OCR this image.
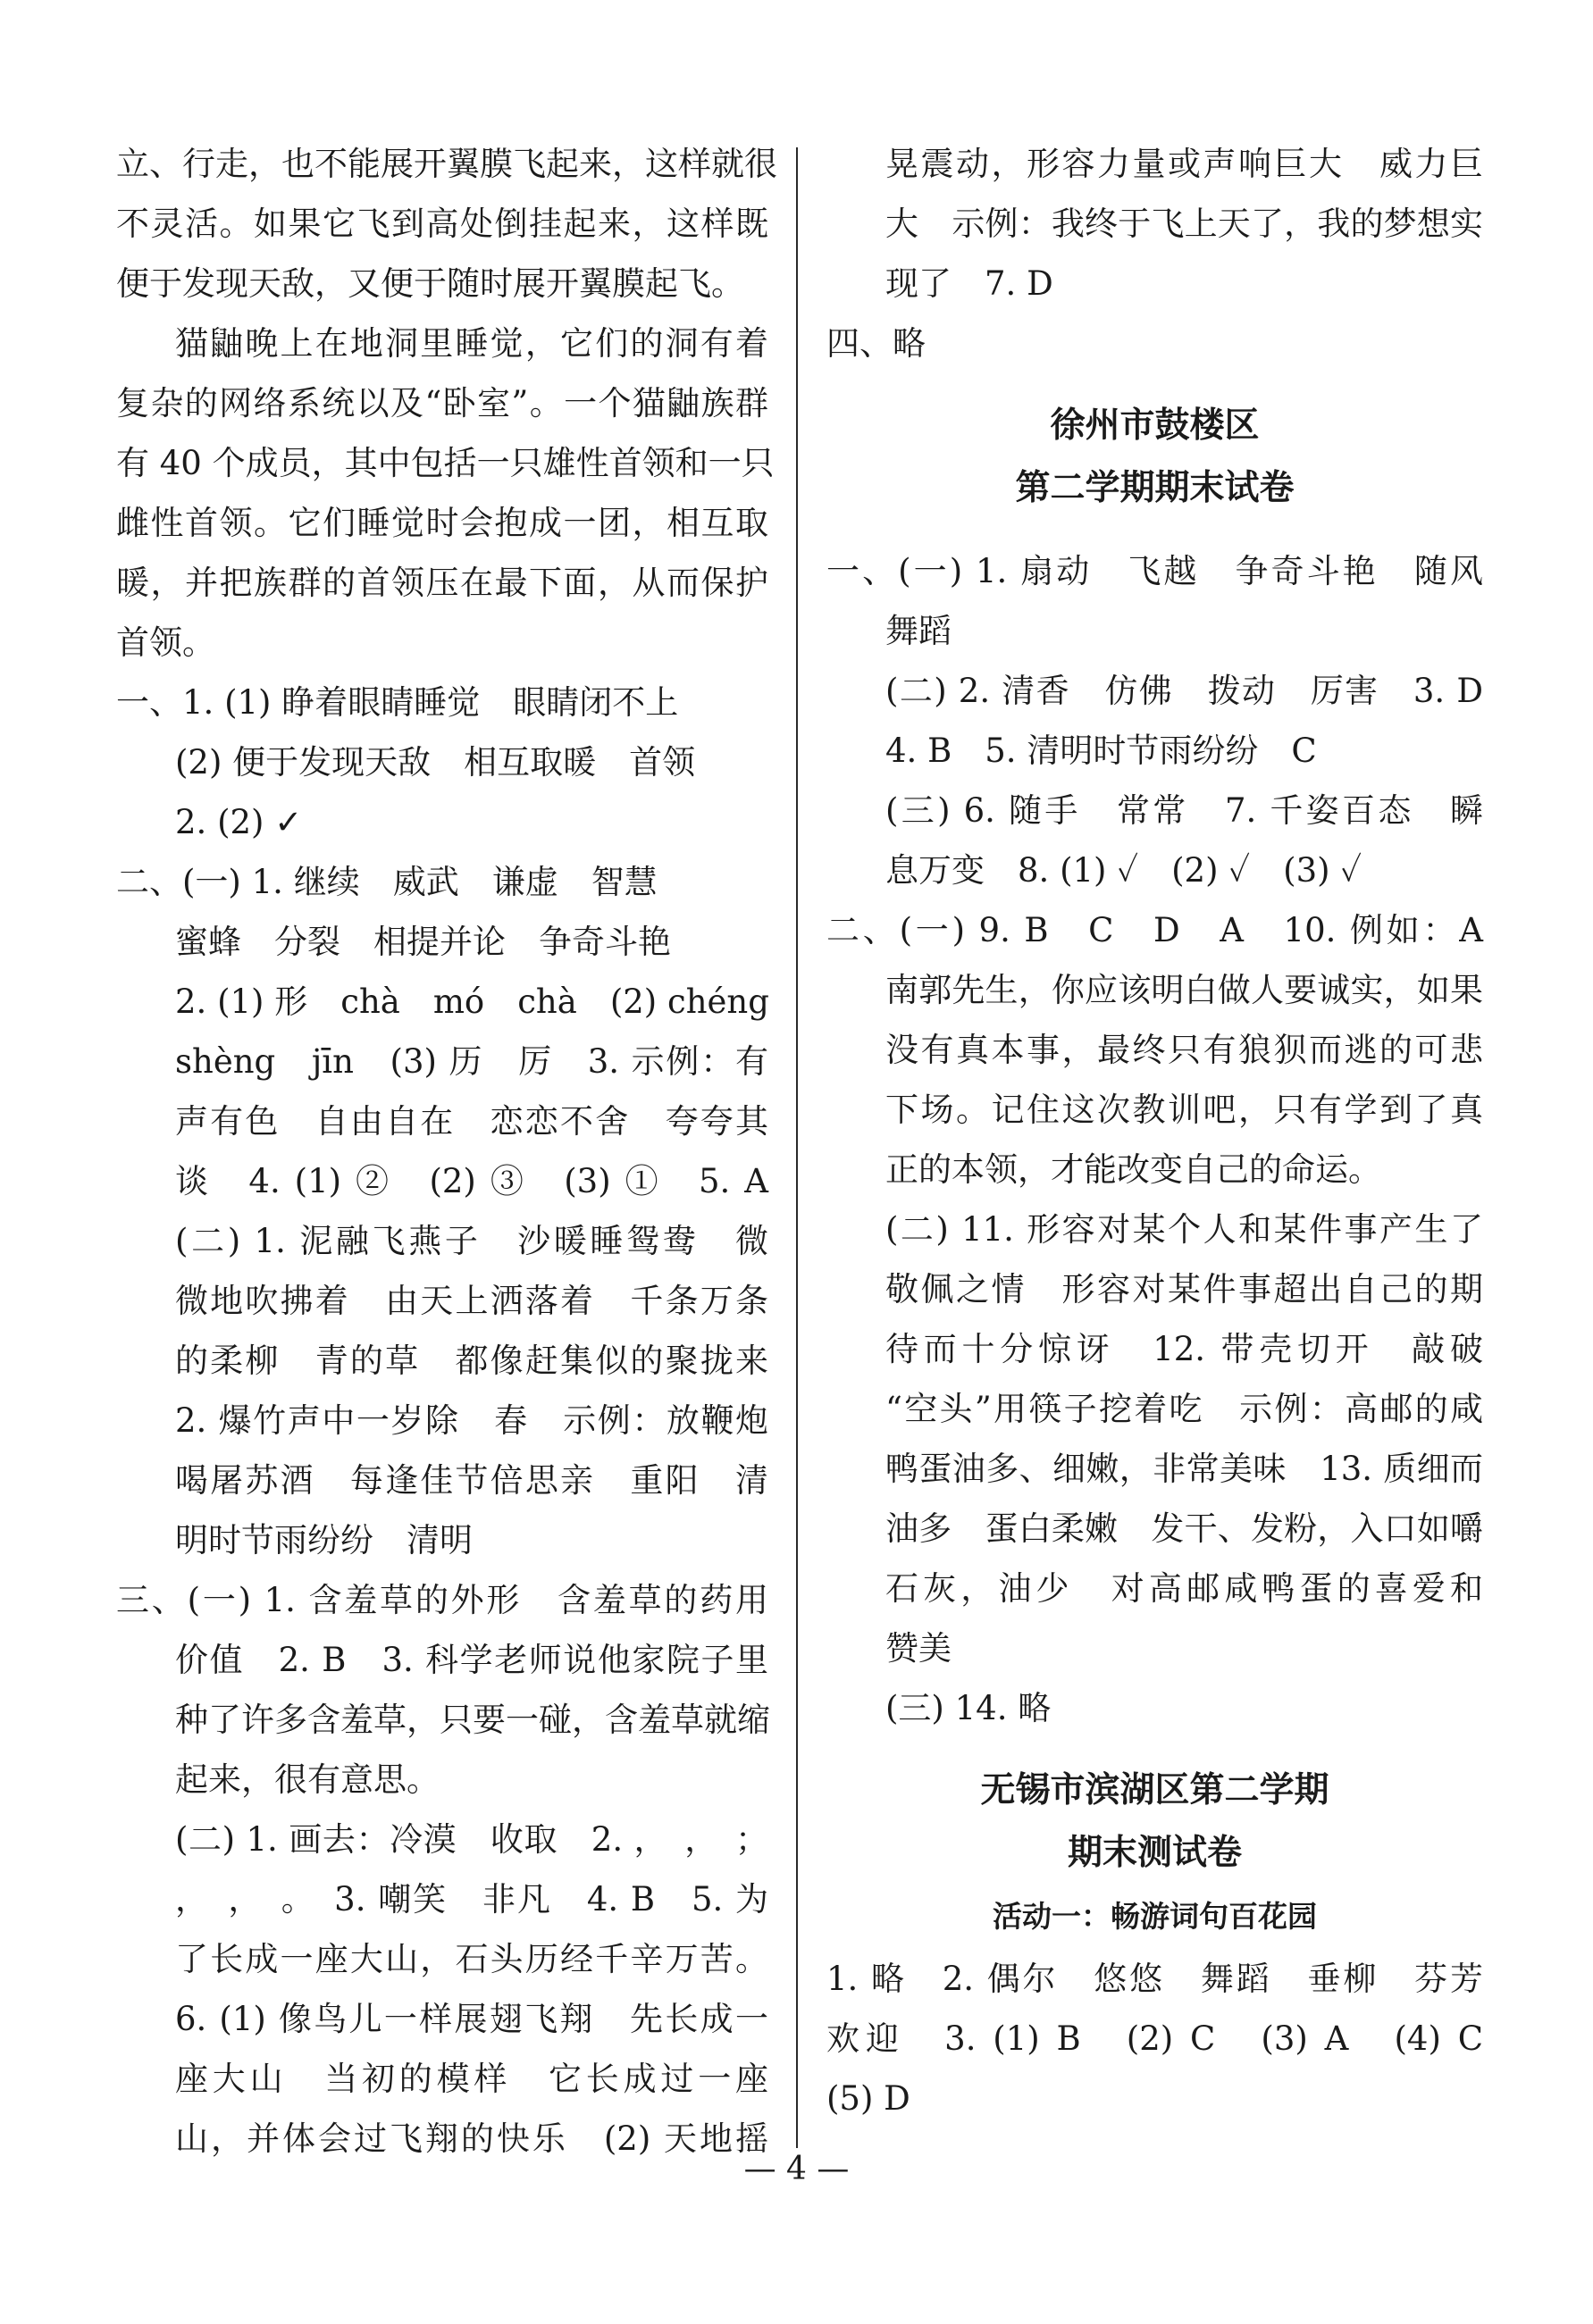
立、行走，也不能展开翼膜飞起来，这样就很
不灵活。如果它飞到高处倒挂起来，这样既
便于发现天敌，又便于随时展开翼膜起飞。
猫鼬晚上在地洞里睡觉，它们的洞有着
复杂的网络系统以及“卧室”。一个猫鼬族群
有 40 个成员，其中包括一只雄性首领和一只
雌性首领。它们睡觉时会抱成一团，相互取
暖，并把族群的首领压在最下面，从而保护
首领。
一、1. (1) 睁着眼睛睡觉　眼睛闭不上
(2) 便于发现天敌　相互取暖　首领
2. (2) ✓
二、(一) 1. 继续　威武　谦虚　智慧
蜜蜂　分裂　相提并论　争奇斗艳
2. (1) 形　chà　mó　chà　(2) chéng
shèng　jīn　(3) 历　厉　3. 示例：有
声有色　自由自在　恋恋不舍　夸夸其
谈　4. (1) ②　(2) ③　(3) ①　5. A
(二) 1. 泥融飞燕子　沙暖睡鸳鸯　微
微地吹拂着　由天上洒落着　千条万条
的柔柳　青的草　都像赶集似的聚拢来
2. 爆竹声中一岁除　春　示例：放鞭炮
喝屠苏酒　每逢佳节倍思亲　重阳　清
明时节雨纷纷　清明
三、(一) 1. 含羞草的外形　含羞草的药用
价值　2. B　3. 科学老师说他家院子里
种了许多含羞草，只要一碰，含羞草就缩
起来，很有意思。
(二) 1. 画去：冷漠　收取　2. ，　，　；
，　，　。　3. 嘲笑　非凡　4. B　5. 为
了长成一座大山，石头历经千辛万苦。
6. (1) 像鸟儿一样展翅飞翔　先长成一
座大山　当初的模样　它长成过一座
山，并体会过飞翔的快乐　(2) 天地摇
晃震动，形容力量或声响巨大　威力巨
大　示例：我终于飞上天了，我的梦想实
现了　7. D
四、略
徐州市鼓楼区
第二学期期末试卷
一、(一) 1. 扇动　飞越　争奇斗艳　随风
舞蹈
(二) 2. 清香　仿佛　拨动　厉害　3. D
4. B　5. 清明时节雨纷纷　C
(三) 6. 随手　常常　7. 千姿百态　瞬
息万变　8. (1) ✓　(2) ✓　(3) ✓
二、(一) 9. B　C　D　A　10. 例如：A
南郭先生，你应该明白做人要诚实，如果
没有真本事，最终只有狼狈而逃的可悲
下场。记住这次教训吧，只有学到了真
正的本领，才能改变自己的命运。
(二) 11. 形容对某个人和某件事产生了
敬佩之情　形容对某件事超出自己的期
待而十分惊讶　12. 带壳切开　敲破
“空头”用筷子挖着吃　示例：高邮的咸
鸭蛋油多、细嫩，非常美味　13. 质细而
油多　蛋白柔嫩　发干、发粉，入口如嚼
石灰，油少　对高邮咸鸭蛋的喜爱和
赞美
(三) 14. 略
无锡市滨湖区第二学期
期末测试卷
活动一：畅游词句百花园
1. 略　2. 偶尔　悠悠　舞蹈　垂柳　芬芳
欢迎　3. (1) B　(2) C　(3) A　(4) C
(5) D
— 4 —
